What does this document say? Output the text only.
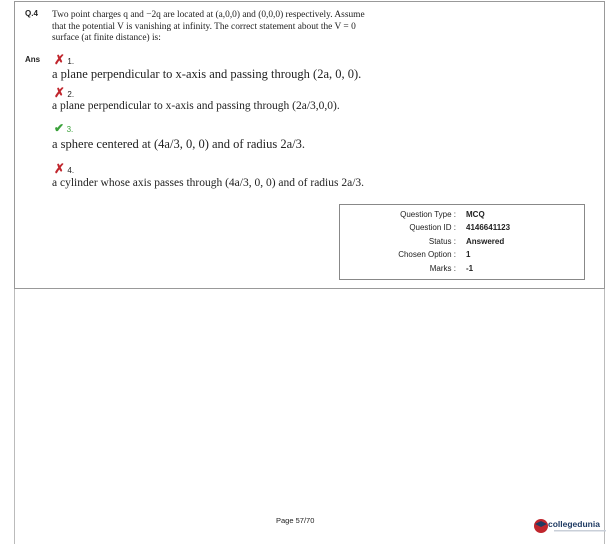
Q.4 Two point charges q and −2q are located at (a,0,0) and (0,0,0) respectively. Assume
that the potential V is vanishing at infinity. The correct statement about the V = 0
surface (at finite distance) is:
Ans ✗ 1.
a plane perpendicular to x-axis and passing through (2a, 0, 0).
✗ 2.
a plane perpendicular to x-axis and passing through (2a/3,0,0).
✔ 3.
a sphere centered at (4a/3, 0, 0) and of radius 2a/3.
✗ 4.
a cylinder whose axis passes through (4a/3, 0, 0) and of radius 2a/3.
Question Type : MCQ
Question ID : 4146641123
Status : Answered
Chosen Option : 1
Marks : -1
Page 57/70	collegedunia
